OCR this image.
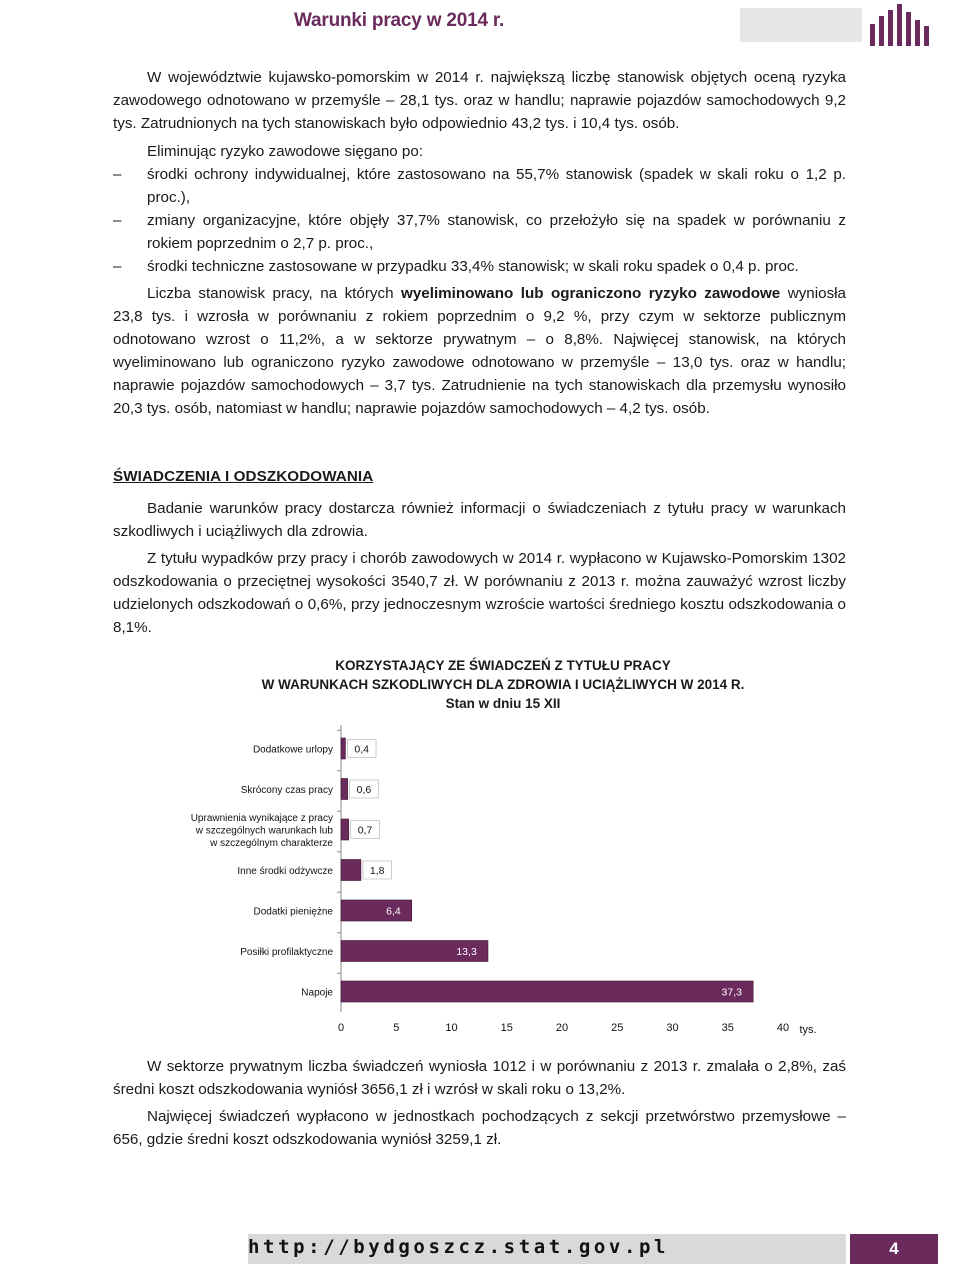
Warunki pracy w 2014 r.

W województwie kujawsko-pomorskim w 2014 r. największą liczbę stanowisk objętych oceną ryzyka zawodowego odnotowano w przemyśle – 28,1 tys. oraz w handlu; naprawie pojazdów samochodowych 9,2 tys. Zatrudnionych na tych stanowiskach było odpowiednio 43,2 tys. i 10,4 tys. osób.

Eliminując ryzyko zawodowe sięgano po:

– środki ochrony indywidualnej, które zastosowano na 55,7% stanowisk (spadek w skali roku o 1,2 p. proc.),
– zmiany organizacyjne, które objęły 37,7% stanowisk, co przełożyło się na spadek w porównaniu z rokiem poprzednim o 2,7 p. proc.,
– środki techniczne zastosowane w przypadku 33,4% stanowisk; w skali roku spadek o 0,4 p. proc.

Liczba stanowisk pracy, na których wyeliminowano lub ograniczono ryzyko zawodowe wyniosła 23,8 tys. i wzrosła w porównaniu z rokiem poprzednim o 9,2 %, przy czym w sektorze publicznym odnotowano wzrost o 11,2%, a w sektorze prywatnym – o 8,8%. Najwięcej stanowisk, na których wyeliminowano lub ograniczono ryzyko zawodowe odnotowano w przemyśle – 13,0 tys. oraz w handlu; naprawie pojazdów samochodowych – 3,7 tys. Zatrudnienie na tych stanowiskach dla przemysłu wynosiło 20,3 tys. osób, natomiast w handlu; naprawie pojazdów samochodowych – 4,2 tys. osób.

ŚWIADCZENIA I ODSZKODOWANIA

Badanie warunków pracy dostarcza również informacji o świadczeniach z tytułu pracy w warunkach szkodliwych i uciążliwych dla zdrowia.

Z tytułu wypadków przy pracy i chorób zawodowych w 2014 r. wypłacono w Kujawsko-Pomorskim 1302 odszkodowania o przeciętnej wysokości 3540,7 zł. W porównaniu z 2013 r. można zauważyć wzrost liczby udzielonych odszkodowań o 0,6%, przy jednoczesnym wzroście wartości średniego kosztu odszkodowania o 8,1%.

KORZYSTAJĄCY ZE ŚWIADCZEŃ Z TYTUŁU PRACY
W WARUNKACH SZKODLIWYCH DLA ZDROWIA I UCIĄŻLIWYCH W 2014 R.
Stan w dniu 15 XII
Dodatkowe urlopy 0,4
Skrócony czas pracy 0,6
Uprawnienia wynikające z pracy
w szczególnych warunkach lub
w szczególnym charakterze
0,7
Inne środki odżywcze	1,8
Dodatki pieniężne	6,4
Posiłki profilaktyczne	13,3
Napoje	37,3
0	5	10	15	20	25	30	35	40 tys.

W sektorze prywatnym liczba świadczeń wyniosła 1012 i w porównaniu z 2013 r. zmalała o 2,8%, zaś średni koszt odszkodowania wyniósł 3656,1 zł i wzrósł w skali roku o 13,2%.

Najwięcej świadczeń wypłacono w jednostkach pochodzących z sekcji przetwórstwo przemysłowe – 656, gdzie średni koszt odszkodowania wyniósł 3259,1 zł.

http://bydgoszcz.stat.gov.pl	4
